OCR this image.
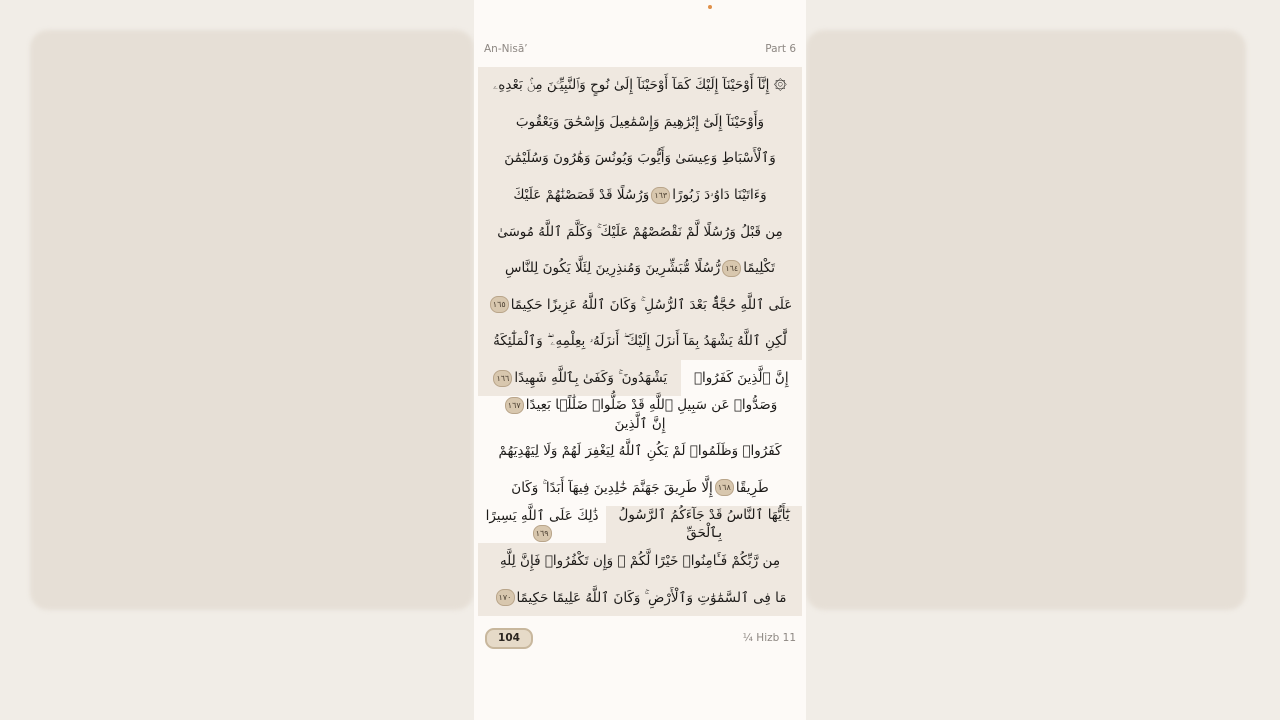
An-Nisā’	Part 6
۞ إِنَّآ أَوْحَيْنَآ إِلَيْكَ كَمَآ أَوْحَيْنَآ إِلَىٰ نُوحٍ وَٱلنَّبِيِّـۧنَ مِنۢ بَعْدِهِۦ
وَأَوْحَيْنَآ إِلَىٰٓ إِبْرَٰهِيمَ وَإِسْمَٰعِيلَ وَإِسْحَٰقَ وَيَعْقُوبَ
وَٱلْأَسْبَاطِ وَعِيسَىٰ وَأَيُّوبَ وَيُونُسَ وَهَٰرُونَ وَسُلَيْمَٰنَ
وَءَاتَيْنَا دَاوُۥدَ زَبُورًا
١٦٣
وَرُسُلًا قَدْ قَصَصْنَٰهُمْ عَلَيْكَ
مِن قَبْلُ وَرُسُلًا لَّمْ نَقْصُصْهُمْ عَلَيْكَ ۚ وَكَلَّمَ ٱللَّهُ مُوسَىٰ
تَكْلِيمًا
١٦٤
رُّسُلًا مُّبَشِّرِينَ وَمُنذِرِينَ لِئَلَّا يَكُونَ لِلنَّاسِ
عَلَى ٱللَّهِ حُجَّةٌۢ بَعْدَ ٱلرُّسُلِ ۚ وَكَانَ ٱللَّهُ عَزِيزًا حَكِيمًا
١٦٥
لَّٰكِنِ ٱللَّهُ يَشْهَدُ بِمَآ أَنزَلَ إِلَيْكَ ۖ أَنزَلَهُۥ بِعِلْمِهِۦ ۖ وَٱلْمَلَٰٓئِكَةُ
يَشْهَدُونَ ۚ وَكَفَىٰ بِٱللَّهِ شَهِيدًا
١٦٦	إِنَّ ٱلَّذِينَ كَفَرُوا۟
وَصَدُّوا۟ عَن سَبِيلِ ٱللَّهِ قَدْ ضَلُّوا۟ ضَلَٰلًۢا بَعِيدًا
١٦٧
إِنَّ ٱلَّذِينَ
كَفَرُوا۟ وَظَلَمُوا۟ لَمْ يَكُنِ ٱللَّهُ لِيَغْفِرَ لَهُمْ وَلَا لِيَهْدِيَهُمْ
طَرِيقًا
١٦٨
إِلَّا طَرِيقَ جَهَنَّمَ خَٰلِدِينَ فِيهَآ أَبَدًا ۚ وَكَانَ
ذَٰلِكَ عَلَى ٱللَّهِ يَسِيرًا
١٦٩
يَٰٓأَيُّهَا ٱلنَّاسُ قَدْ جَآءَكُمُ ٱلرَّسُولُ بِٱلْحَقِّ
مِن رَّبِّكُمْ فَـَٔامِنُوا۟ خَيْرًا لَّكُمْ ۚ وَإِن تَكْفُرُوا۟ فَإِنَّ لِلَّهِ
مَا فِى ٱلسَّمَٰوَٰتِ وَٱلْأَرْضِ ۚ وَكَانَ ٱللَّهُ عَلِيمًا حَكِيمًا
١٧٠
104	¼ Hizb 11
